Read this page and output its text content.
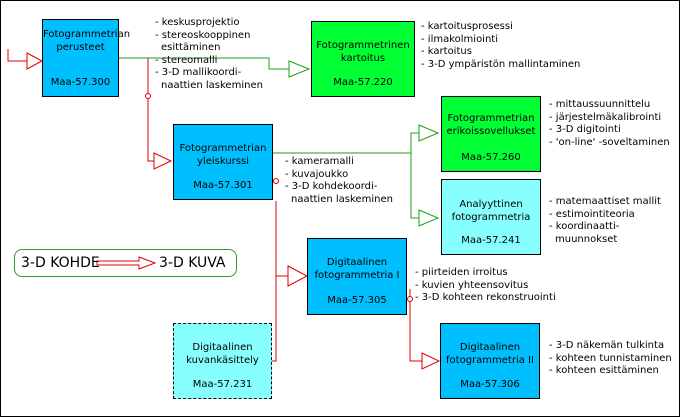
Fotogrammetrian
perusteet
Maa-57.300
Fotogrammetrinen
kartoitus
Maa-57.220
Fotogrammetrian
yleiskurssi
Maa-57.301
Fotogrammetrian
erikoissovellukset
Maa-57.260
Analyyttinen
fotogrammetria
Maa-57.241
Digitaalinen
fotogrammetria I
Maa-57.305
Digitaalinen
kuvankäsittely
Maa-57.231
Digitaalinen
fotogrammetria II
Maa-57.306
- keskusprojektio
- stereoskooppinen
esittäminen
- stereomalli
- 3-D mallikoordi-
naattien laskeminen
- kartoitusprosessi
- ilmakolmiointi
- kartoitus
- 3-D ympäristön mallintaminen
- mittaussuunnittelu
- järjestelmäkalibrointi
- 3-D digitointi
- 'on-line' -soveltaminen
- kameramalli
- kuvajoukko
- 3-D kohdekoordi-
naattien laskeminen	- matemaattiset mallit
- estimointiteoria
- koordinaatti-
muunnokset
- piirteiden irroitus
- kuvien yhteensovitus
- 3-D kohteen rekonstruointi
- 3-D näkemän tulkinta
- kohteen tunnistaminen
- kohteen esittäminen
3-D KOHDE	3-D KUVA
